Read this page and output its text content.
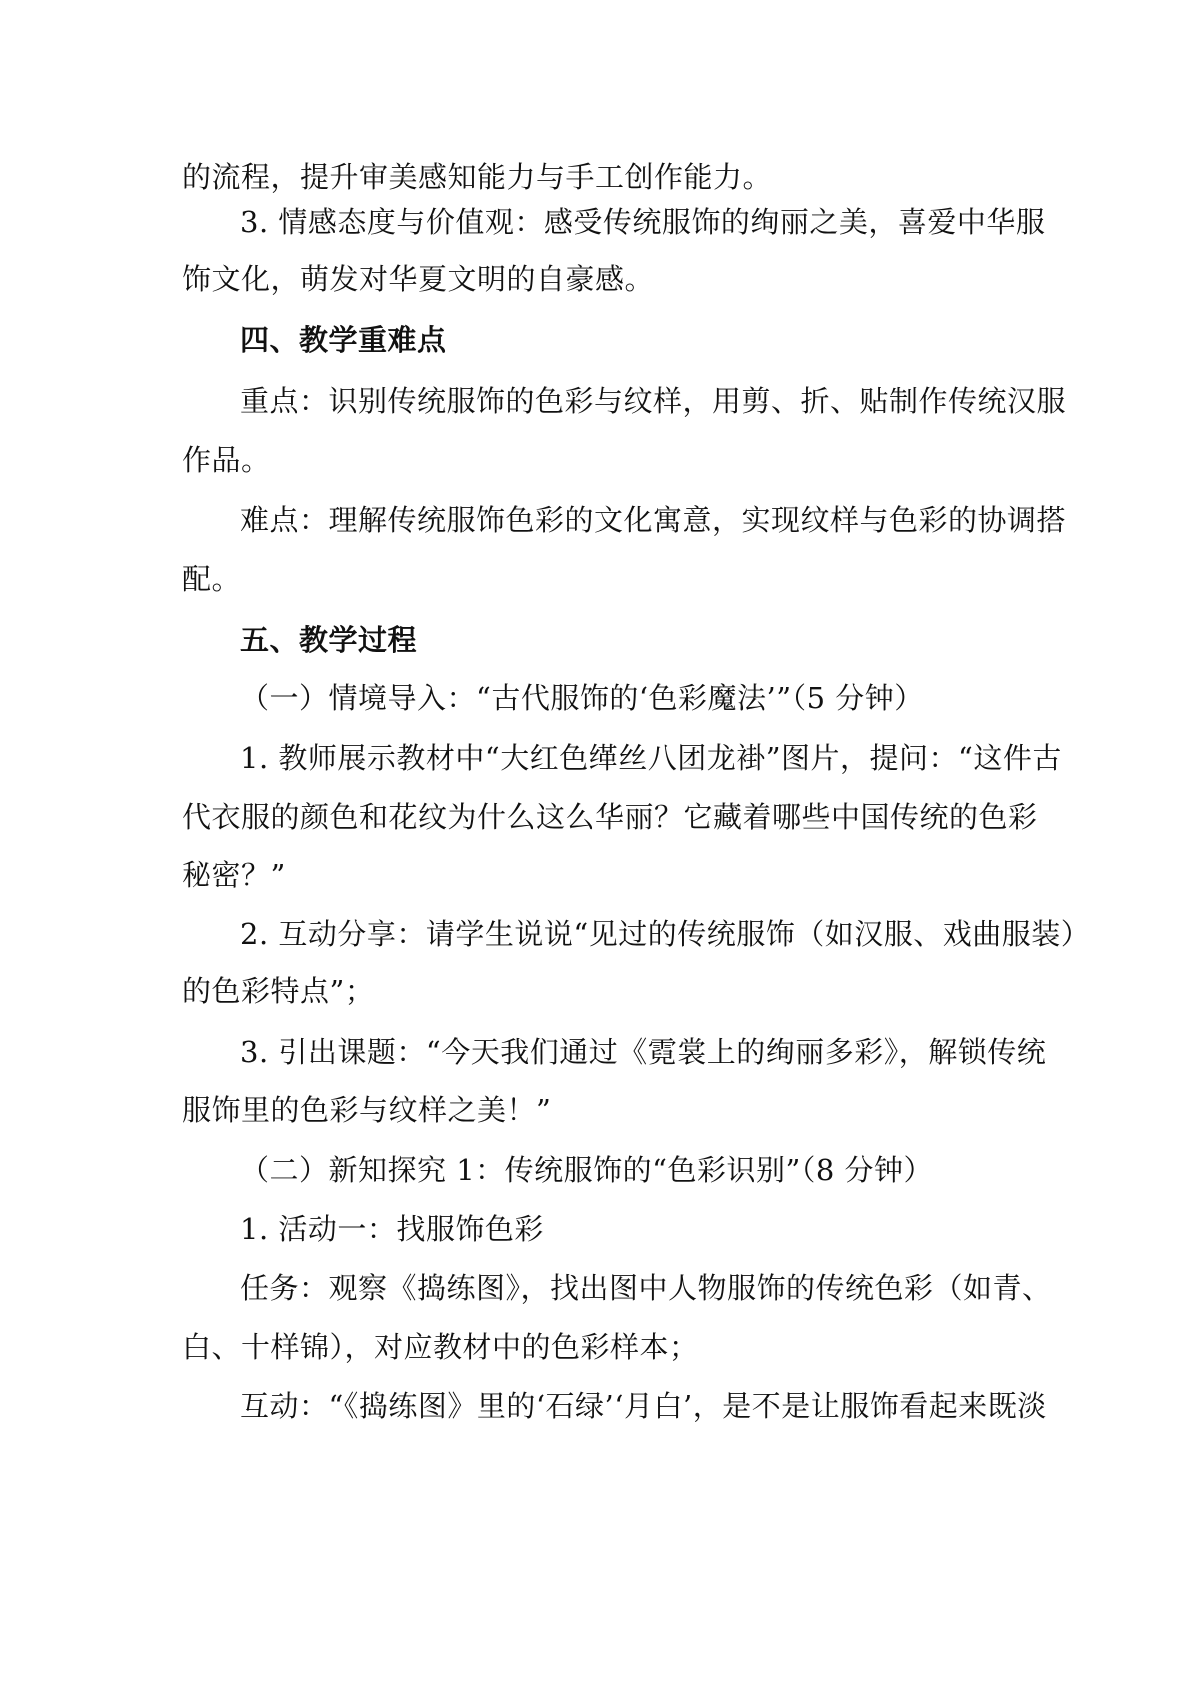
的流程，提升审美感知能力与手工创作能力。
3. 情感态度与价值观：感受传统服饰的绚丽之美，喜爱中华服
饰文化，萌发对华夏文明的自豪感。
四、教学重难点
重点：识别传统服饰的色彩与纹样，用剪、折、贴制作传统汉服
作品。
难点：理解传统服饰色彩的文化寓意，实现纹样与色彩的协调搭
配。
五、教学过程
（一）情境导入：“古代服饰的‘色彩魔法’”（5 分钟）
1. 教师展示教材中“大红色缂丝八团龙褂”图片，提问：“这件古
代衣服的颜色和花纹为什么这么华丽？它藏着哪些中国传统的色彩
秘密？”
2. 互动分享：请学生说说“见过的传统服饰（如汉服、戏曲服装）
的色彩特点”；
3. 引出课题：“今天我们通过《霓裳上的绚丽多彩》，解锁传统
服饰里的色彩与纹样之美！”
（二）新知探究 1：传统服饰的“色彩识别”（8 分钟）
1. 活动一：找服饰色彩
任务：观察《捣练图》，找出图中人物服饰的传统色彩（如青、
白、十样锦），对应教材中的色彩样本；
互动：“《捣练图》里的‘石绿’‘月白’，是不是让服饰看起来既淡
